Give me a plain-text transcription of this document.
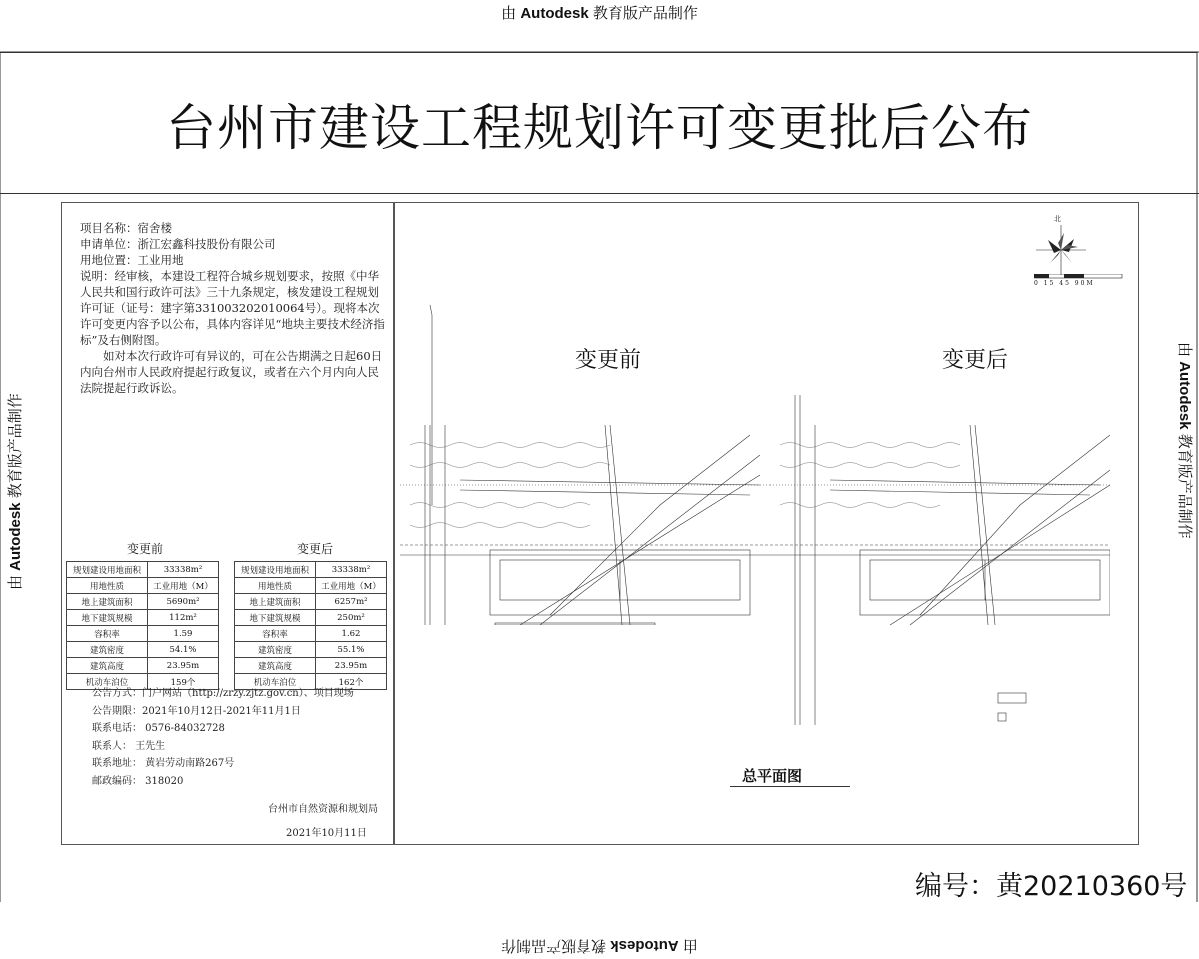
由 Autodesk 教育版产品制作
由 Autodesk 教育版产品制作
由 Autodesk 教育版产品制作
由 Autodesk 教育版产品制作
台州市建设工程规划许可变更批后公布
项目名称：宿舍楼
申请单位：浙江宏鑫科技股份有限公司
用地位置：工业用地
说明：经审核，本建设工程符合城乡规划要求，按照《中华人民共和国行政许可法》三十九条规定，核发建设工程规划许可证（证号：建字第331003202010064号）。现将本次许可变更内容予以公布，具体内容详见“地块主要技术经济指标”及右侧附图。
如对本次行政许可有异议的，可在公告期满之日起60日内向台州市人民政府提起行政复议，或者在六个月内向人民法院提起行政诉讼。
变更前
规划建设用地面积	33338m²
用地性质	工业用地（M）
地上建筑面积	5690m²
地下建筑规模	112m²
容积率	1.59
建筑密度	54.1%
建筑高度	23.95m
机动车泊位	159个
变更后
规划建设用地面积	33338m²
用地性质	工业用地（M）
地上建筑面积	6257m²
地下建筑规模	250m²
容积率	1.62
建筑密度	55.1%
建筑高度	23.95m
机动车泊位	162个
公告方式：门户网站（http://zrzy.zjtz.gov.cn）、项目现场
公告期限：2021年10月12日-2021年11月1日
联系电话： 0576-84032728
联系人： 王先生
联系地址： 黄岩劳动南路267号
邮政编码： 318020
台州市自然资源和规划局
2021年10月11日
变更前	变更后
北
0 15 45 90M
总平面图
编号：黄20210360号
